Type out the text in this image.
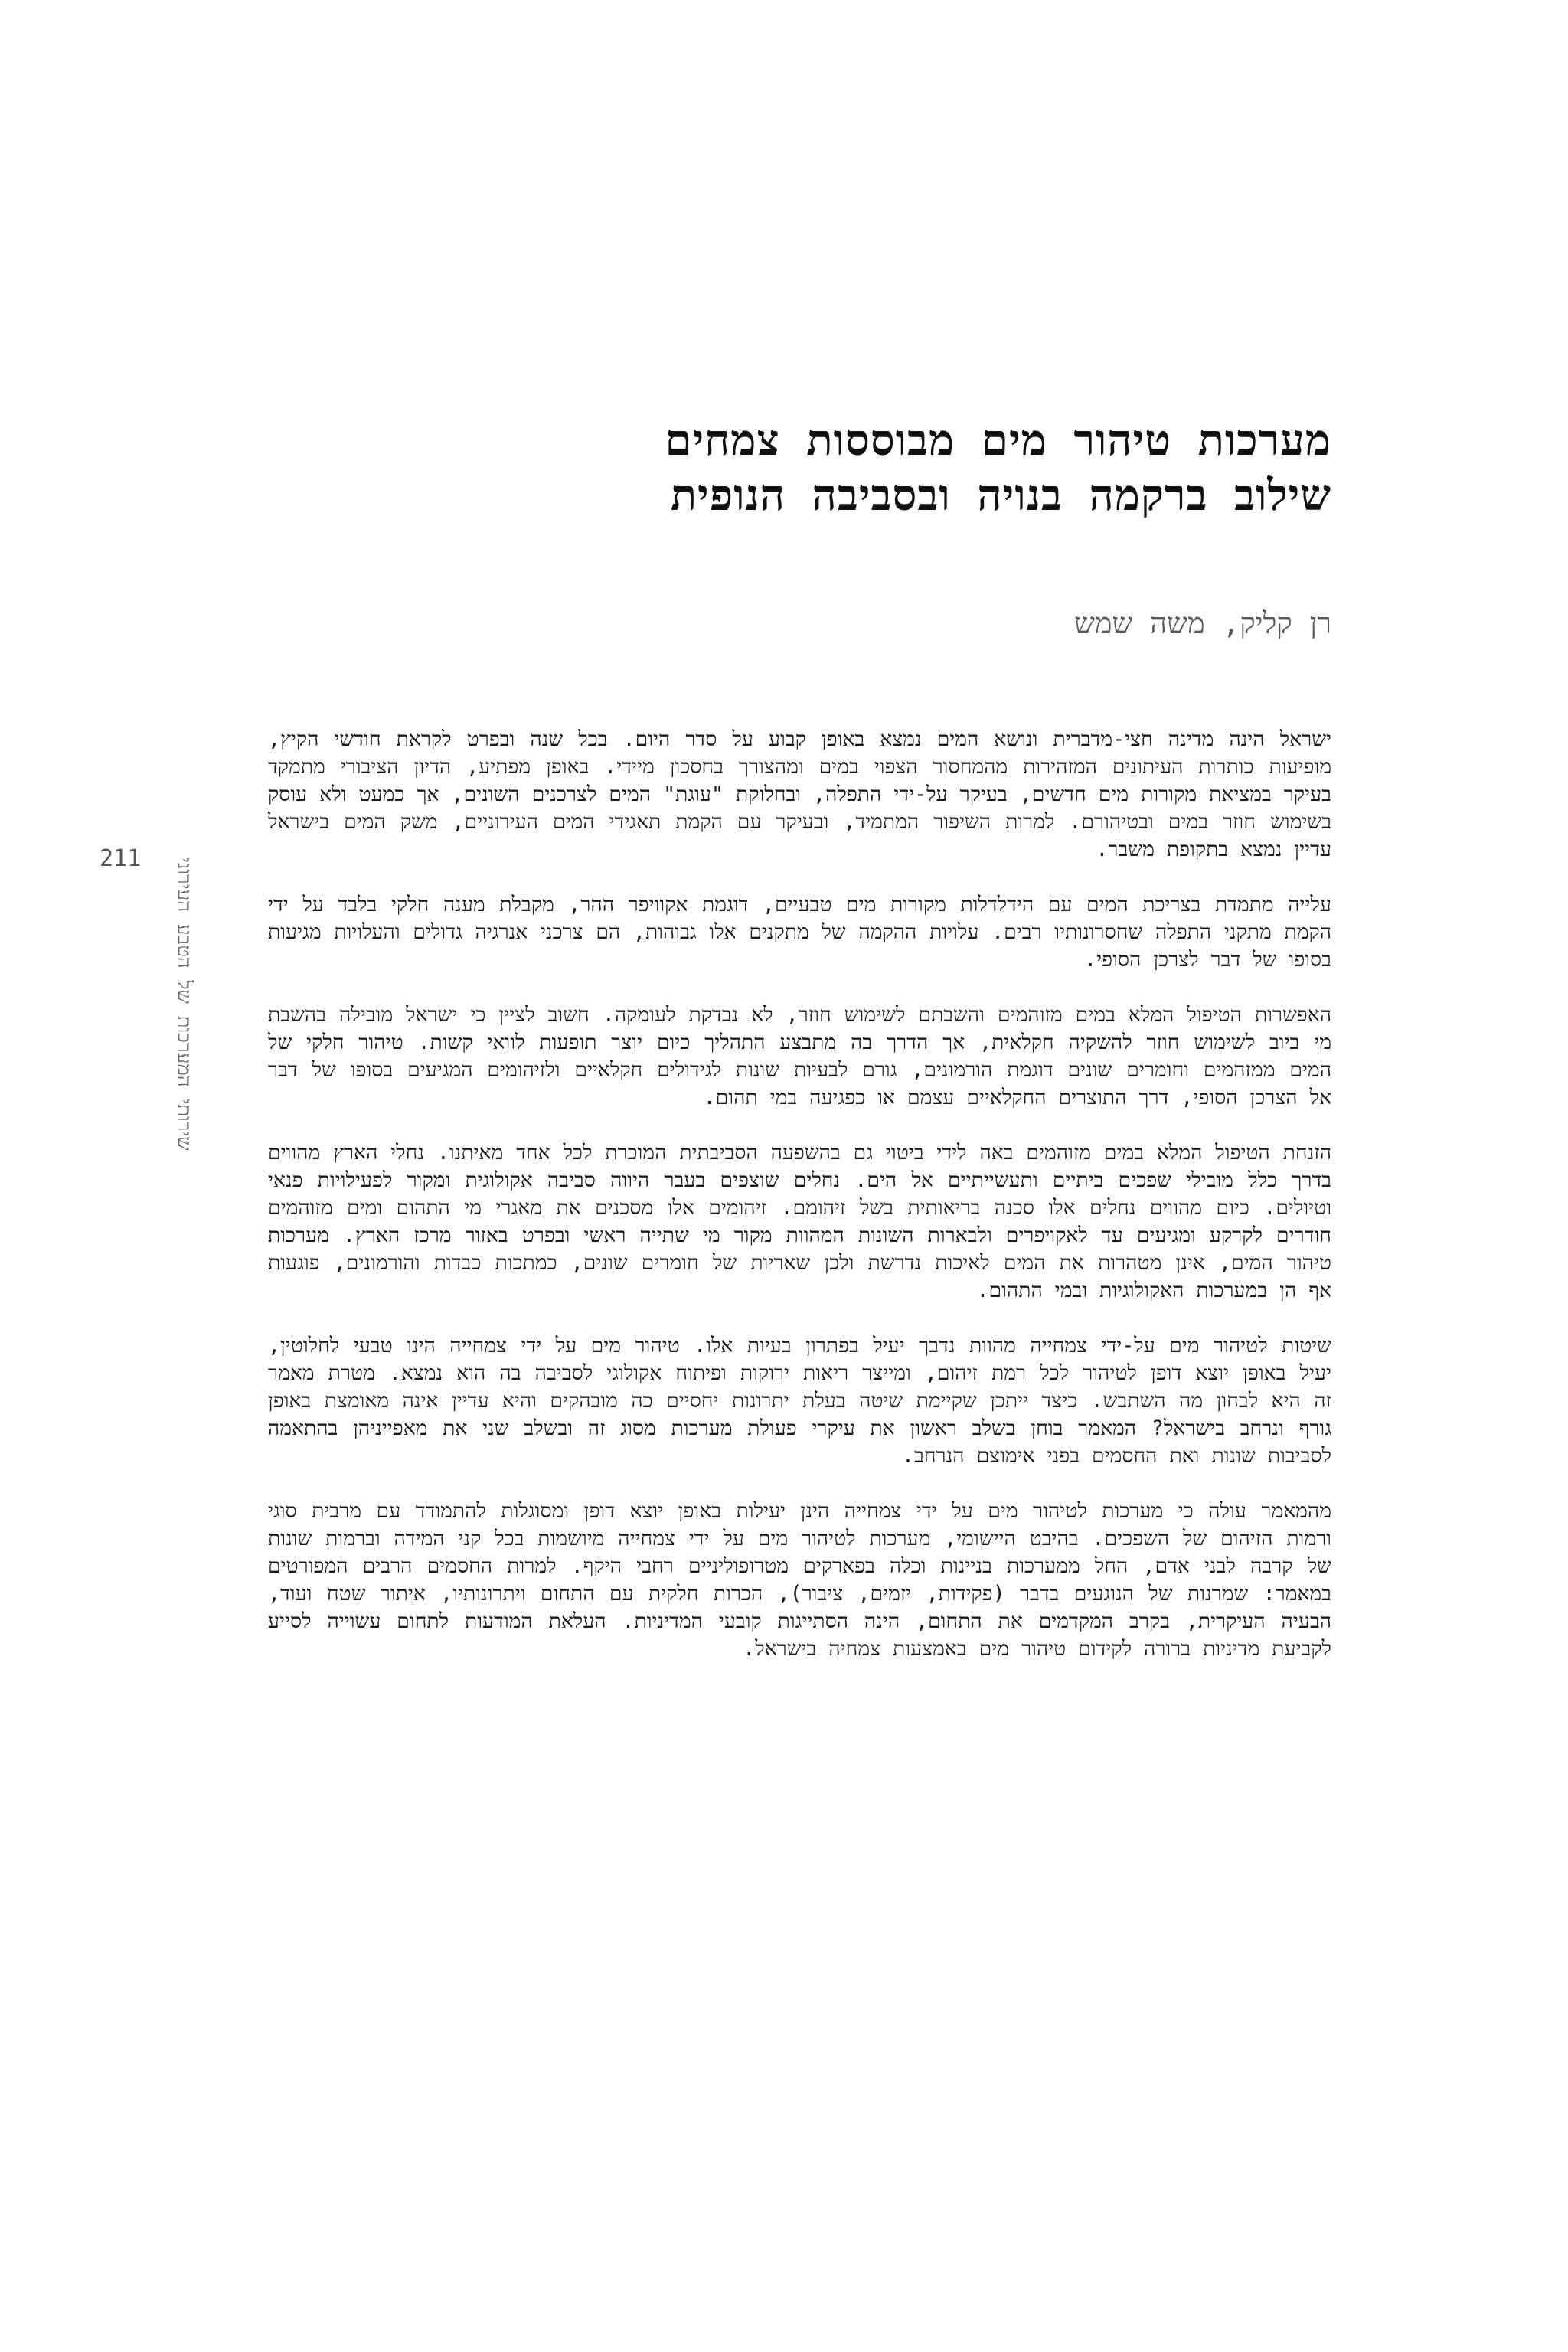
מערכות טיהור מים מבוססות צמחים
שילוב ברקמה בנויה ובסביבה הנופית
רן קליק, משה שמש
211 שירותי המערכות של הטבע העירוני

ישראל הינה מדינה חצי-מדברית ונושא המים נמצא באופן קבוע על סדר היום. בכל שנה ובפרט לקראת חודשי הקיץ, מופיעות כותרות העיתונים המזהירות מהמחסור הצפוי במים ומהצורך בחסכון מיידי. באופן מפתיע, הדיון הציבורי מתמקד בעיקר במציאת מקורות מים חדשים, בעיקר על-ידי התפלה, ובחלוקת "עוגת" המים לצרכנים השונים, אך כמעט ולא עוסק בשימוש חוזר במים ובטיהורם. למרות השיפור המתמיד, ובעיקר עם הקמת תאגידי המים העירוניים, משק המים בישראל עדיין נמצא בתקופת משבר.

עלייה מתמדת בצריכת המים עם הידלדלות מקורות מים טבעיים, דוגמת אקוויפר ההר, מקבלת מענה חלקי בלבד על ידי הקמת מתקני התפלה שחסרונותיו רבים. עלויות ההקמה של מתקנים אלו גבוהות, הם צרכני אנרגיה גדולים והעלויות מגיעות בסופו של דבר לצרכן הסופי.

האפשרות הטיפול המלא במים מזוהמים והשבתם לשימוש חוזר, לא נבדקת לעומקה. חשוב לציין כי ישראל מובילה בהשבת מי ביוב לשימוש חוזר להשקיה חקלאית, אך הדרך בה מתבצע התהליך כיום יוצר תופעות לוואי קשות. טיהור חלקי של המים ממזהמים וחומרים שונים דוגמת הורמונים, גורם לבעיות שונות לגידולים חקלאיים ולזיהומים המגיעים בסופו של דבר אל הצרכן הסופי, דרך התוצרים החקלאיים עצמם או כפגיעה במי תהום.

הזנחת הטיפול המלא במים מזוהמים באה לידי ביטוי גם בהשפעה הסביבתית המוכרת לכל אחד מאיתנו. נחלי הארץ מהווים בדרך כלל מובילי שפכים ביתיים ותעשייתיים אל הים. נחלים שוצפים בעבר היווה סביבה אקולוגית ומקור לפעילויות פנאי וטיולים. כיום מהווים נחלים אלו סכנה בריאותית בשל זיהומם. זיהומים אלו מסכנים את מאגרי מי התהום ומים מזוהמים חודרים לקרקע ומגיעים עד לאקויפרים ולבארות השונות המהוות מקור מי שתייה ראשי ובפרט באזור מרכז הארץ. מערכות טיהור המים, אינן מטהרות את המים לאיכות נדרשת ולכן שאריות של חומרים שונים, כמתכות כבדות והורמונים, פוגעות אף הן במערכות האקולוגיות ובמי התהום.

שיטות לטיהור מים על-ידי צמחייה מהוות נדבך יעיל בפתרון בעיות אלו. טיהור מים על ידי צמחייה הינו טבעי לחלוטין, יעיל באופן יוצא דופן לטיהור לכל רמת זיהום, ומייצר ריאות ירוקות ופיתוח אקולוגי לסביבה בה הוא נמצא. מטרת מאמר זה היא לבחון מה השתבש. כיצד ייתכן שקיימת שיטה בעלת יתרונות יחסיים כה מובהקים והיא עדיין אינה מאומצת באופן גורף ונרחב בישראל? המאמר בוחן בשלב ראשון את עיקרי פעולת מערכות מסוג זה ובשלב שני את מאפייניהן בהתאמה לסביבות שונות ואת החסמים בפני אימוצם הנרחב.

מהמאמר עולה כי מערכות לטיהור מים על ידי צמחייה הינן יעילות באופן יוצא דופן ומסוגלות להתמודד עם מרבית סוגי ורמות הזיהום של השפכים. בהיבט היישומי, מערכות לטיהור מים על ידי צמחייה מיושמות בכל קני המידה וברמות שונות של קרבה לבני אדם, החל ממערכות בניינות וכלה בפארקים מטרופוליניים רחבי היקף. למרות החסמים הרבים המפורטים במאמר: שמרנות של הנוגעים בדבר (פקידות, יזמים, ציבור), הכרות חלקית עם התחום ויתרונותיו, איתור שטח ועוד, הבעיה העיקרית, בקרב המקדמים את התחום, הינה הסתייגות קובעי המדיניות. העלאת המודעות לתחום עשוייה לסייע לקביעת מדיניות ברורה לקידום טיהור מים באמצעות צמחיה בישראל.
